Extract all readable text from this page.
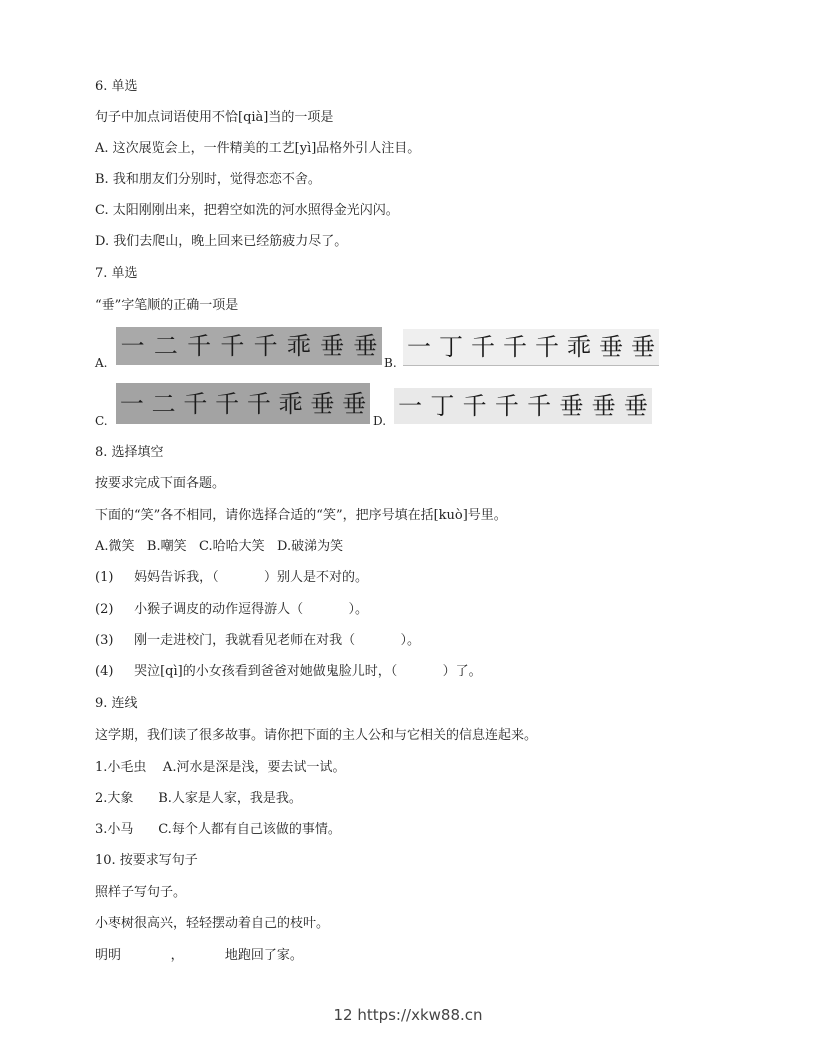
6. 单选
句子中加点词语使用不恰[qià]当的一项是
A. 这次展览会上，一件精美的工艺[yì]品格外引人注目。
B. 我和朋友们分别时，觉得恋恋不舍。
C. 太阳刚刚出来，把碧空如洗的河水照得金光闪闪。
D. 我们去爬山，晚上回来已经筋疲力尽了。
7. 单选
“垂”字笔顺的正确一项是
A.
一 二 千 千 千 乖 垂 垂
B.
一 丁 千 千 千 乖 垂 垂
C.
一 二 千 千 千 乖 垂 垂
D.
一 丁 千 千 千 垂 垂 垂
8. 选择填空
按要求完成下面各题。
下面的“笑”各不相同，请你选择合适的“笑”，把序号填在括[kuò]号里。
A.微笑   B.嘲笑   C.哈哈大笑   D.破涕为笑
(1)     妈妈告诉我，（           ）别人是不对的。
(2)     小猴子调皮的动作逗得游人（           ）。
(3)     刚一走进校门，我就看见老师在对我（           ）。
(4)     哭泣[qì]的小女孩看到爸爸对她做鬼脸儿时，（           ）了。
9. 连线
这学期，我们读了很多故事。请你把下面的主人公和与它相关的信息连起来。
1.小毛虫    A.河水是深是浅，要去试一试。
2.大象      B.人家是人家，我是我。
3.小马      C.每个人都有自己该做的事情。
10. 按要求写句子
照样子写句子。
小枣树很高兴，轻轻摆动着自己的枝叶。
明明            ，          地跑回了家。
12 https://xkw88.cn
